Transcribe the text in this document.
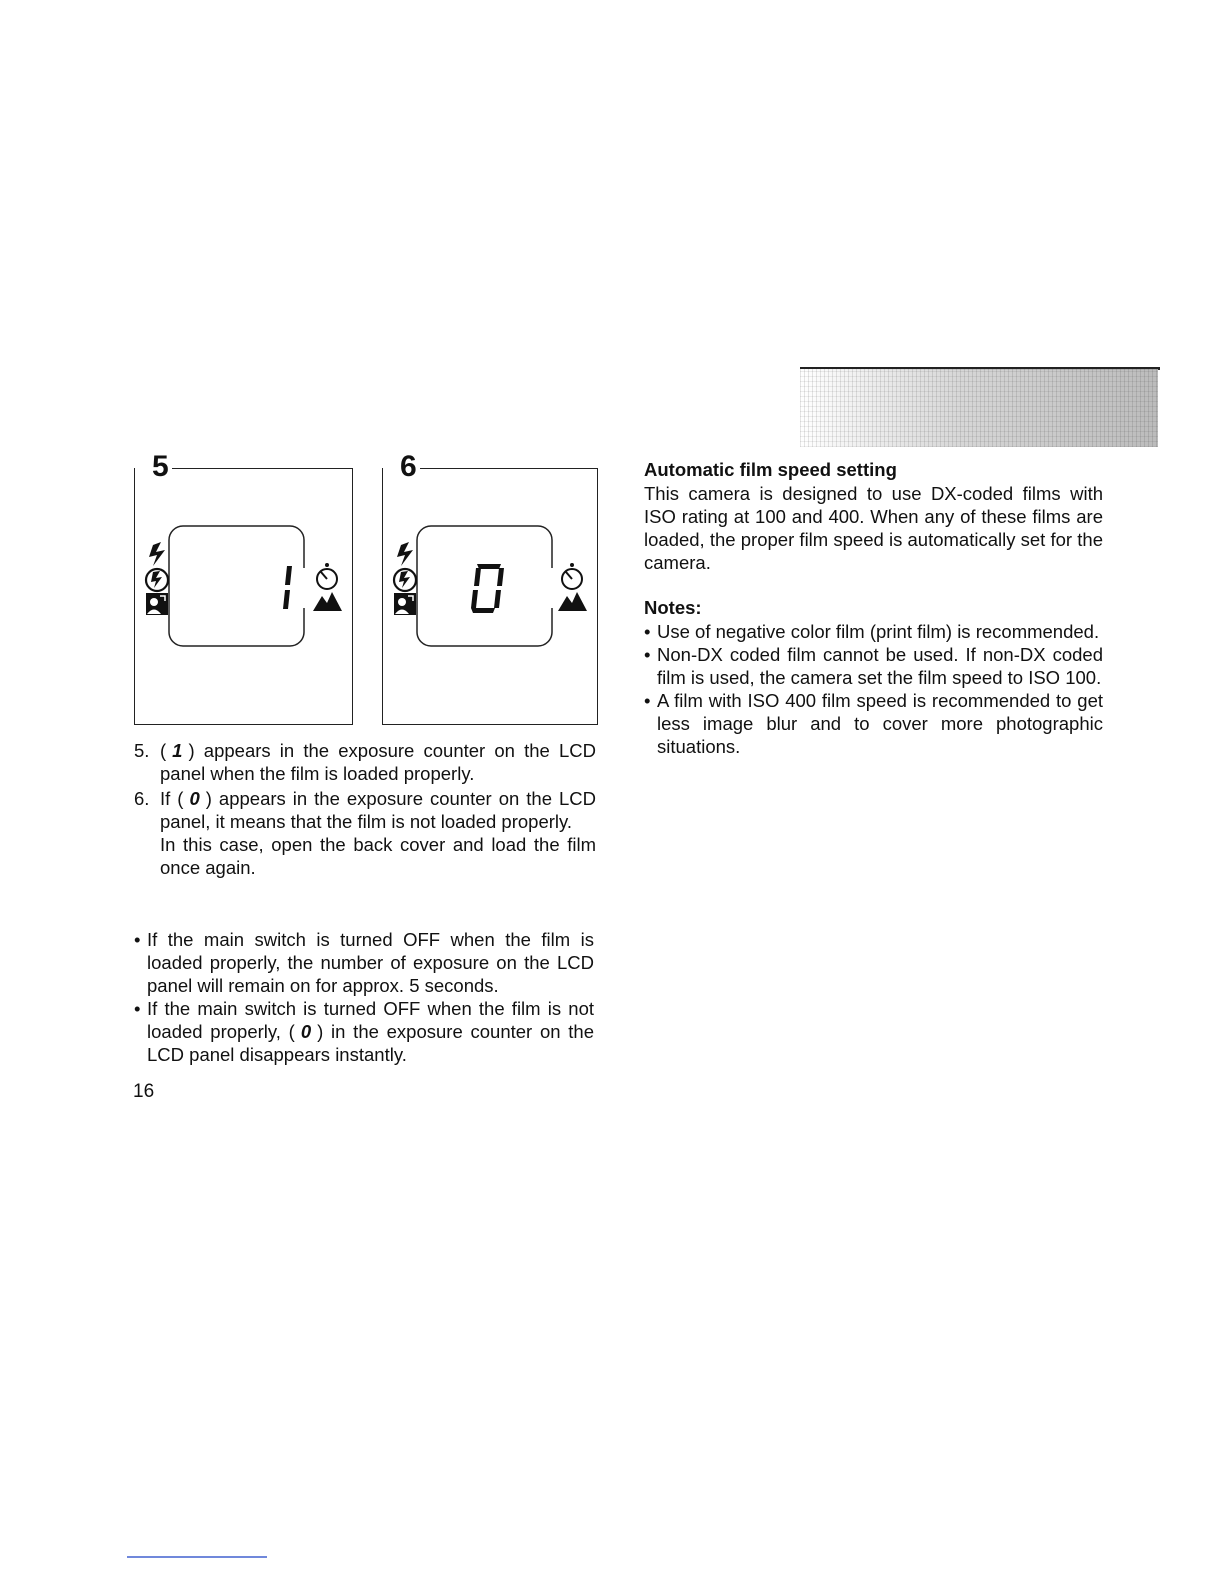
5	6
5. ( 1 ) appears in the exposure counter on the LCD panel when the film is loaded properly.
6. If ( 0 ) appears in the exposure counter on the LCD panel, it means that the film is not loaded properly.
In this case, open the back cover and load the film once again.
• If the main switch is turned OFF when the film is loaded properly, the number of exposure on the LCD panel will remain on for approx. 5 seconds.
• If the main switch is turned OFF when the film is not loaded properly, ( 0 ) in the exposure counter on the LCD panel disappears instantly.
16

Automatic film speed setting

This camera is designed to use DX-coded films with ISO rating at 100 and 400. When any of these films are loaded, the proper film speed is automatically set for the camera.

Notes:

• Use of negative color film (print film) is recommended.
• Non-DX coded film cannot be used. If non-DX coded film is used, the camera set the film speed to ISO 100.
• A film with ISO 400 film speed is recommended to get less image blur and to cover more photographic situations.
